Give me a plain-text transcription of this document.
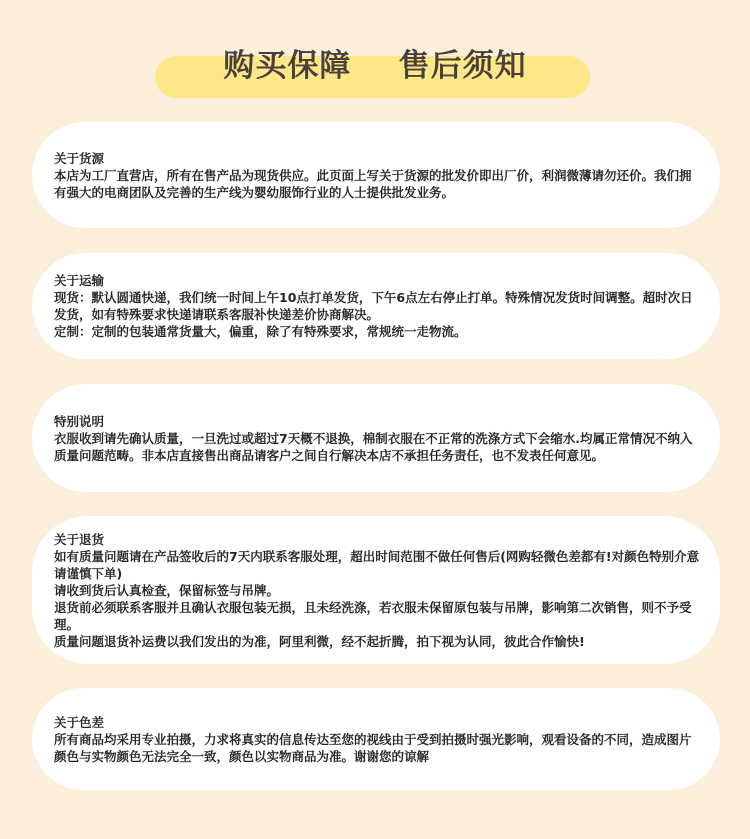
购买保障 售后须知

关于货源

本店为工厂直营店，所有在售产品为现货供应。此页面上写关于货源的批发价即出厂价，利润微薄请勿还价。我们拥有强大的电商团队及完善的生产线为婴幼服饰行业的人士提供批发业务。

关于运输

现货：默认圆通快递，我们统一时间上午10点打单发货，下午6点左右停止打单。特殊情况发货时间调整。超时次日发货，如有特殊要求快递请联系客服补快递差价协商解决。

定制：定制的包装通常货量大，偏重，除了有特殊要求，常规统一走物流。

特别说明

衣服收到请先确认质量，一旦洗过或超过7天概不退换，棉制衣服在不正常的洗涤方式下会缩水.均属正常情况不纳入质量问题范畴。非本店直接售出商品请客户之间自行解决本店不承担任务责任，也不发表任何意见。

关于退货

如有质量问题请在产品签收后的7天内联系客服处理，超出时间范围不做任何售后(网购轻微色差都有!对颜色特别介意请谨慎下单)

请收到货后认真检查，保留标签与吊牌。

退货前必须联系客服并且确认衣服包装无损，且未经洗涤，若衣服未保留原包装与吊牌，影响第二次销售，则不予受理。

质量问题退货补运费以我们发出的为准，阿里利微，经不起折腾，拍下视为认同，彼此合作愉快!

关于色差

所有商品均采用专业拍摄，力求将真实的信息传达至您的视线由于受到拍摄时强光影响，观看设备的不同，造成图片颜色与实物颜色无法完全一致，颜色以实物商品为准。谢谢您的谅解
